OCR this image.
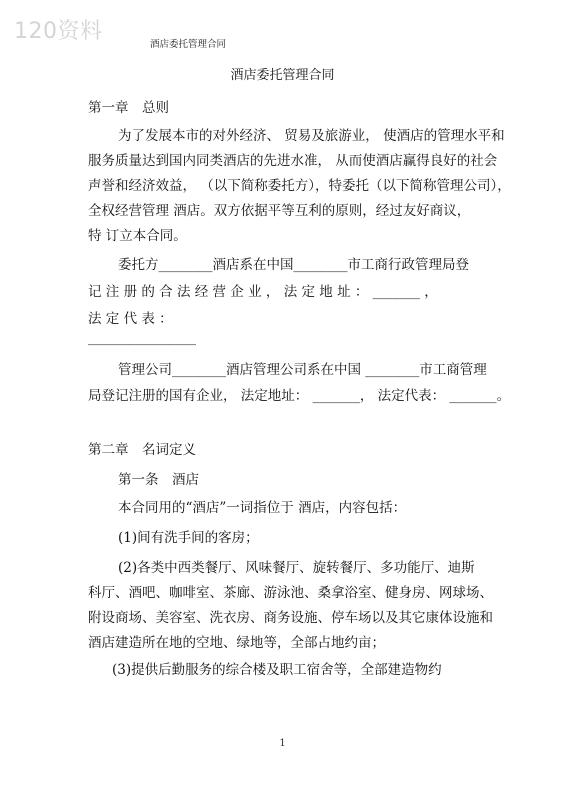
120资料
酒店委托管理合同
酒店委托管理合同
第一章　总则
为了发展本市的对外经济、 贸易及旅游业， 使酒店的管理水平和
服务质量达到国内同类酒店的先进水准， 从而使酒店赢得良好的社会
声誉和经济效益， （以下简称委托方），特委托（以下简称管理公司），
全权经营管理 酒店。双方依据平等互利的原则，经过友好商议，
特 订立本合同。
委托方________酒店系在中国________市工商行政管理局登
记 注 册 的 合 法 经 营 企 业 ， 法 定 地 址 ： _______ ，
法 定 代 表 ：
________________
管理公司________酒店管理公司系在中国 ________市工商管理
局登记注册的国有企业， 法定地址： _______， 法定代表： _______。
第二章　名词定义
第一条　酒店
本合同用的“酒店”一词指位于 酒店，内容包括：
(1)间有洗手间的客房；
(2)各类中西类餐厅、风味餐厅、旋转餐厅、多功能厅、迪斯
科厅、酒吧、咖啡室、茶廊、游泳池、桑拿浴室、健身房、网球场、
附设商场、美容室、洗衣房、商务设施、停车场以及其它康体设施和
酒店建造所在地的空地、绿地等，全部占地约亩；
(3)提供后勤服务的综合楼及职工宿舍等，全部建造物约
1
